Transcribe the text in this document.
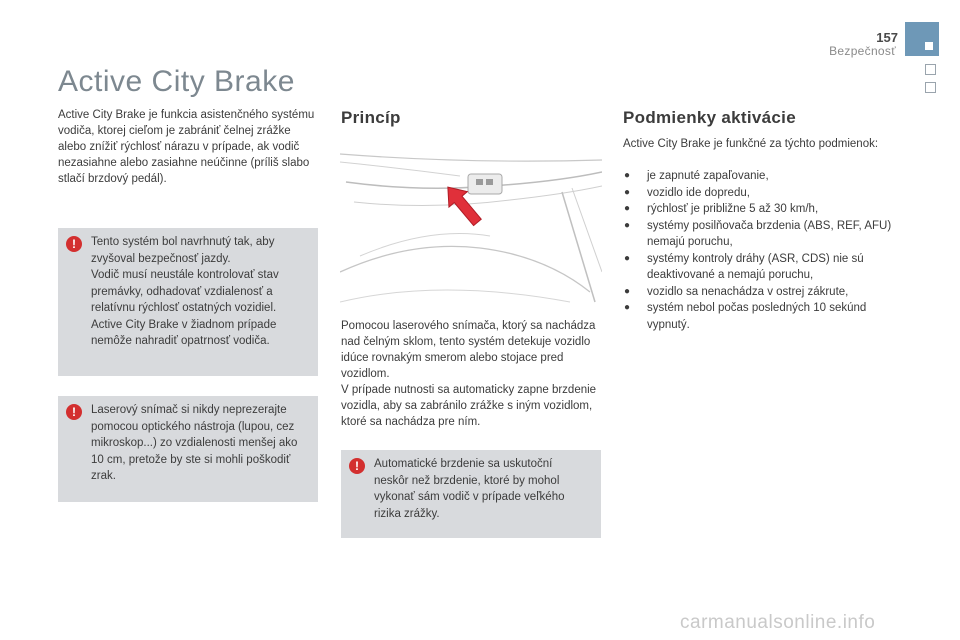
157
Bezpečnosť
Active City Brake
Active City Brake je funkcia asistenčného systému vodiča, ktorej cieľom je zabrániť čelnej zrážke alebo znížiť rýchlosť nárazu v prípade, ak vodič nezasiahne alebo zasiahne neúčinne (príliš slabo stlačí brzdový pedál).
!	Tento systém bol navrhnutý tak, aby zvyšoval bezpečnosť jazdy.
Vodič musí neustále kontrolovať stav premávky, odhadovať vzdialenosť a relatívnu rýchlosť ostatných vozidiel.
Active City Brake v žiadnom prípade nemôže nahradiť opatrnosť vodiča.
!	Laserový snímač si nikdy neprezerajte pomocou optického nástroja (lupou, cez mikroskop...) zo vzdialenosti menšej ako 10 cm, pretože by ste si mohli poškodiť zrak.
Princíp
Pomocou laserového snímača, ktorý sa nachádza nad čelným sklom, tento systém detekuje vozidlo idúce rovnakým smerom alebo stojace pred vozidlom.
V prípade nutnosti sa automaticky zapne brzdenie vozidla, aby sa zabránilo zrážke s iným vozidlom, ktoré sa nachádza pre ním.
!	Automatické brzdenie sa uskutoční neskôr než brzdenie, ktoré by mohol vykonať sám vodič v prípade veľkého rizika zrážky.
Podmienky aktivácie
Active City Brake je funkčné za týchto podmienok:
● je zapnuté zapaľovanie,
● vozidlo ide dopredu,
● rýchlosť je približne 5 až 30 km/h,
● systémy posilňovača brzdenia (ABS, REF, AFU) nemajú poruchu,
● systémy kontroly dráhy (ASR, CDS) nie sú deaktivované a nemajú poruchu,
● vozidlo sa nenachádza v ostrej zákrute,
● systém nebol počas posledných 10 sekúnd vypnutý.
carmanualsonline.info
